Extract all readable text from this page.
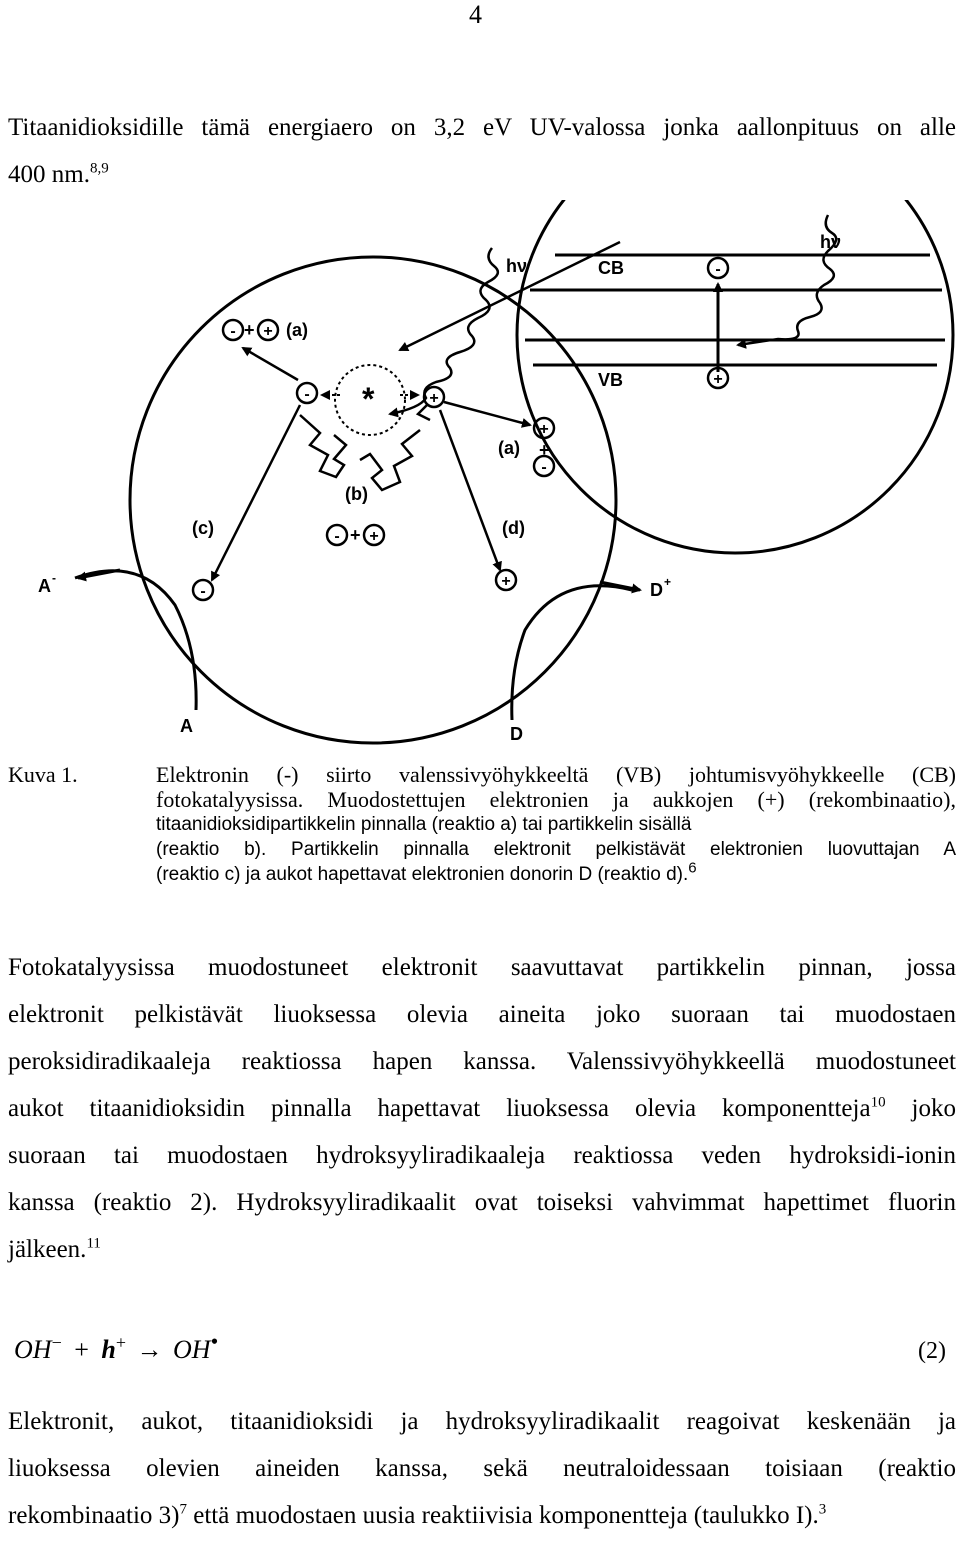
4
Titaanidioksidille tämä energiaero on 3,2 eV UV-valossa jonka aallonpituus on alle
400 nm.$^{8,9}$
-
+
hν
hν	CB
VB
*
-	+
- + + (a)
+
+
-
(a)
(b)
- + +
(c)
-
(d)
+
A -
A
D +
D
Kuva 1.	Elektronin (-) siirto valenssivyöhykkeeltä (VB) johtumisvyöhykkeelle (CB)
fotokatalyysissa. Muodostettujen elektronien ja aukkojen (+) (rekombinaatio),
titaanidioksidipartikkelin pinnalla (reaktio a) tai partikkelin sisällä
(reaktio b). Partikkelin pinnalla elektronit pelkistävät elektronien luovuttajan A
(reaktio c) ja aukot hapettavat elektronien donorin D (reaktio d).$^6$
Fotokatalyysissa muodostuneet elektronit saavuttavat partikkelin pinnan, jossa
elektronit pelkistävät liuoksessa olevia aineita joko suoraan tai muodostaen
peroksidiradikaaleja reaktiossa hapen kanssa. Valenssivyöhykkeellä muodostuneet
aukot titaanidioksidin pinnalla hapettavat liuoksessa olevia komponentteja$^{10}$ joko
suoraan tai muodostaen hydroksyyliradikaaleja reaktiossa veden hydroksidi-ionin
kanssa (reaktio 2). Hydroksyyliradikaalit ovat toiseksi vahvimmat hapettimet fluorin
jälkeen.$^{11}$
OH− + h+ → OH•	(2)
Elektronit, aukot, titaanidioksidi ja hydroksyyliradikaalit reagoivat keskenään ja
liuoksessa olevien aineiden kanssa, sekä neutraloidessaan toisiaan (reaktio
rekombinaatio 3)$^7$ että muodostaen uusia reaktiivisia komponentteja (taulukko I).$^3$
